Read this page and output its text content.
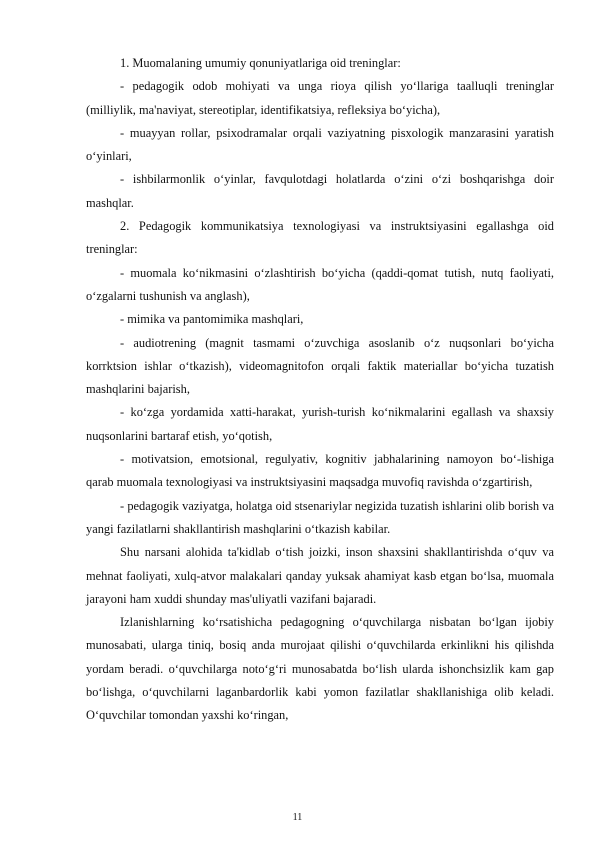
1. Muomalaning umumiy qonuniyatlariga oid treninglar:

- pedagogik odob mohiyati va unga rioya qilish yo‘llariga taalluqli treninglar (milliylik, ma'naviyat, stereotiplar, identifikatsiya, refleksiya bo‘yicha),

- muayyan rollar, psixodramalar orqali vaziyatning pisxologik manzarasini yaratish o‘yinlari,

- ishbilarmonlik o‘yinlar, favqulotdagi holatlarda o‘zini o‘zi boshqarishga doir mashqlar.

2. Pedagogik kommunikatsiya texnologiyasi va instruktsiyasini egallashga oid treninglar:

- muomala ko‘nikmasini o‘zlashtirish bo‘yicha (qaddi-qomat tutish, nutq faoliyati, o‘zgalarni tushunish va anglash),

- mimika va pantomimika mashqlari,

- audiotrening (magnit tasmami o‘zuvchiga asoslanib o‘z nuqsonlari bo‘yicha korrktsion ishlar o‘tkazish), videomagnitofon orqali faktik materiallar bo‘yicha tuzatish mashqlarini bajarish,

- ko‘zga yordamida xatti-harakat, yurish-turish ko‘nikmalarini egallash va shaxsiy nuqsonlarini bartaraf etish, yo‘qotish,

- motivatsion, emotsional, regulyativ, kognitiv jabhalarining namoyon bo‘-lishiga qarab muomala texnologiyasi va instruktsiyasini maqsadga muvofiq ravishda o‘zgartirish,

- pedagogik vaziyatga, holatga oid stsenariylar negizida tuzatish ishlarini olib borish va yangi fazilatlarni shakllantirish mashqlarini o‘tkazish kabilar.

Shu narsani alohida ta'kidlab o‘tish joizki, inson shaxsini shakllantirishda o‘quv va mehnat faoliyati, xulq-atvor malakalari qanday yuksak ahamiyat kasb etgan bo‘lsa, muomala jarayoni ham xuddi shunday mas'uliyatli vazifani bajaradi.

Izlanishlarning ko‘rsatishicha pedagogning o‘quvchilarga nisbatan bo‘lgan ijobiy munosabati, ularga tiniq, bosiq anda murojaat qilishi o‘quvchilarda erkinlikni his qilishda yordam beradi. o‘quvchilarga noto‘g‘ri munosabatda bo‘lish ularda ishonchsizlik kam gap bo‘lishga, o‘quvchilarni laganbardorlik kabi yomon fazilatlar shakllanishiga olib keladi. O‘quvchilar tomondan yaxshi ko‘ringan,

11
